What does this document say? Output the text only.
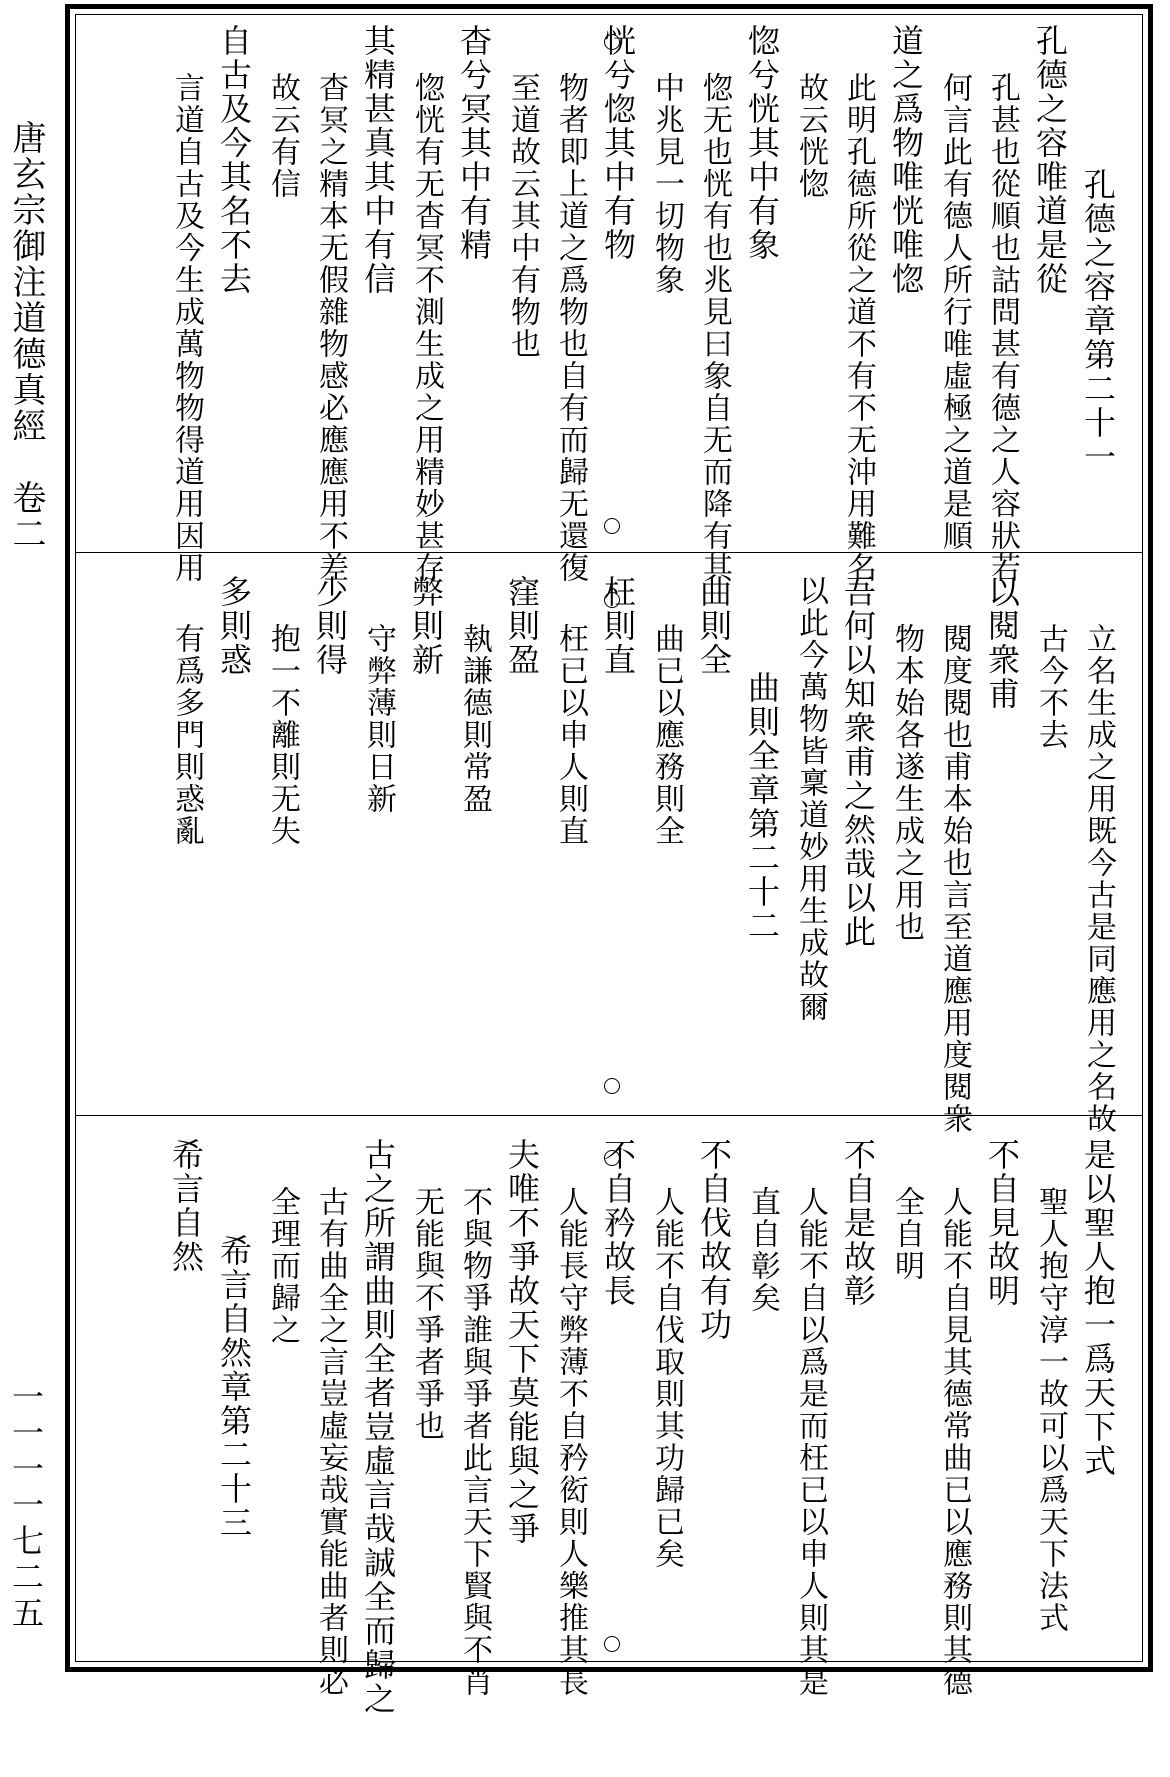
唐玄宗御注道德真經　卷二
一一一一七二五
孔德之容章第二十一
孔德之容唯道是從
孔甚也從順也詁問甚有德之人容狀若
何言此有德人所行唯虛極之道是順
道之爲物唯恍唯惚
此明孔德所從之道不有不无沖用難名
故云恍惚
惚兮恍其中有象
惚无也恍有也兆見曰象自无而降有其
中兆見一切物象
恍兮惚其中有物
物者即上道之爲物也自有而歸无還復
至道故云其中有物也
杳兮冥其中有精
惚恍有无杳冥不測生成之用精妙甚存
其精甚真其中有信
杳冥之精本无假雜物感必應應用不差
故云有信
自古及今其名不去
言道自古及今生成萬物物得道用因用
立名生成之用既今古是同應用之名故
古今不去
以閱衆甫
閱度閱也甫本始也言至道應用度閱衆
物本始各遂生成之用也
吾何以知衆甫之然哉以此
以此今萬物皆稟道妙用生成故爾
曲則全章第二十二
曲則全
曲已以應務則全
枉則直
枉已以申人則直
窪則盈
執謙德則常盈
弊則新
守弊薄則日新
少則得
抱一不離則无失
多則惑
有爲多門則惑亂
是以聖人抱一爲天下式
聖人抱守淳一故可以爲天下法式
不自見故明
人能不自見其德常曲已以應務則其德
全自明
不自是故彰
人能不自以爲是而枉已以申人則其是
直自彰矣
不自伐故有功
人能不自伐取則其功歸已矣
不自矜故長
人能長守弊薄不自矜衒則人樂推其長
夫唯不爭故天下莫能與之爭
不與物爭誰與爭者此言天下賢與不肖
无能與不爭者爭也
古之所謂曲則全者豈虛言哉誠全而歸之
古有曲全之言豈虛妄哉實能曲者則必
全理而歸之
希言自然章第二十三
希言自然
